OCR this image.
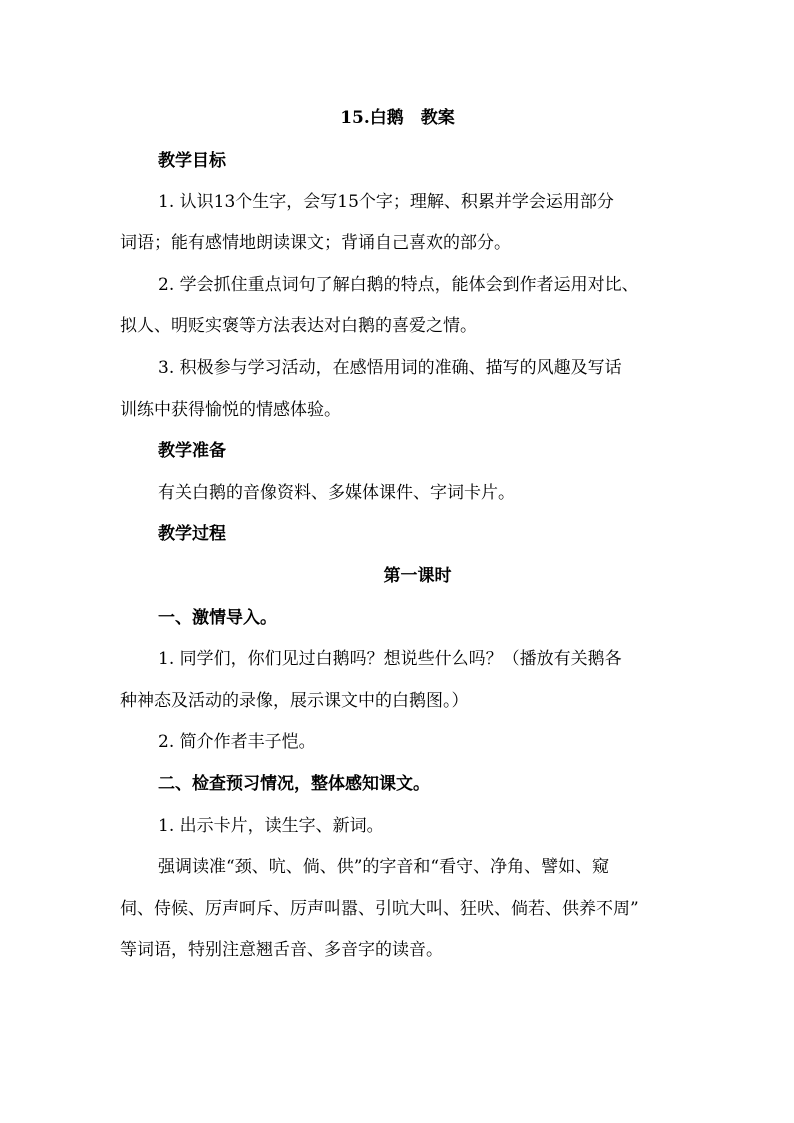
15.白鹅　教案
教学目标
1. 认识13个生字，会写15个字；理解、积累并学会运用部分
词语；能有感情地朗读课文；背诵自己喜欢的部分。
2. 学会抓住重点词句了解白鹅的特点，能体会到作者运用对比、
拟人、明贬实褒等方法表达对白鹅的喜爱之情。
3. 积极参与学习活动，在感悟用词的准确、描写的风趣及写话
训练中获得愉悦的情感体验。
教学准备
有关白鹅的音像资料、多媒体课件、字词卡片。
教学过程
第一课时
一、激情导入。
1. 同学们，你们见过白鹅吗？想说些什么吗？（播放有关鹅各
种神态及活动的录像，展示课文中的白鹅图。）
2. 简介作者丰子恺。
二、检查预习情况，整体感知课文。
1. 出示卡片，读生字、新词。
强调读准“颈、吭、倘、供”的字音和“看守、净角、譬如、窥
伺、侍候、厉声呵斥、厉声叫嚣、引吭大叫、狂吠、倘若、供养不周”
等词语，特别注意翘舌音、多音字的读音。
